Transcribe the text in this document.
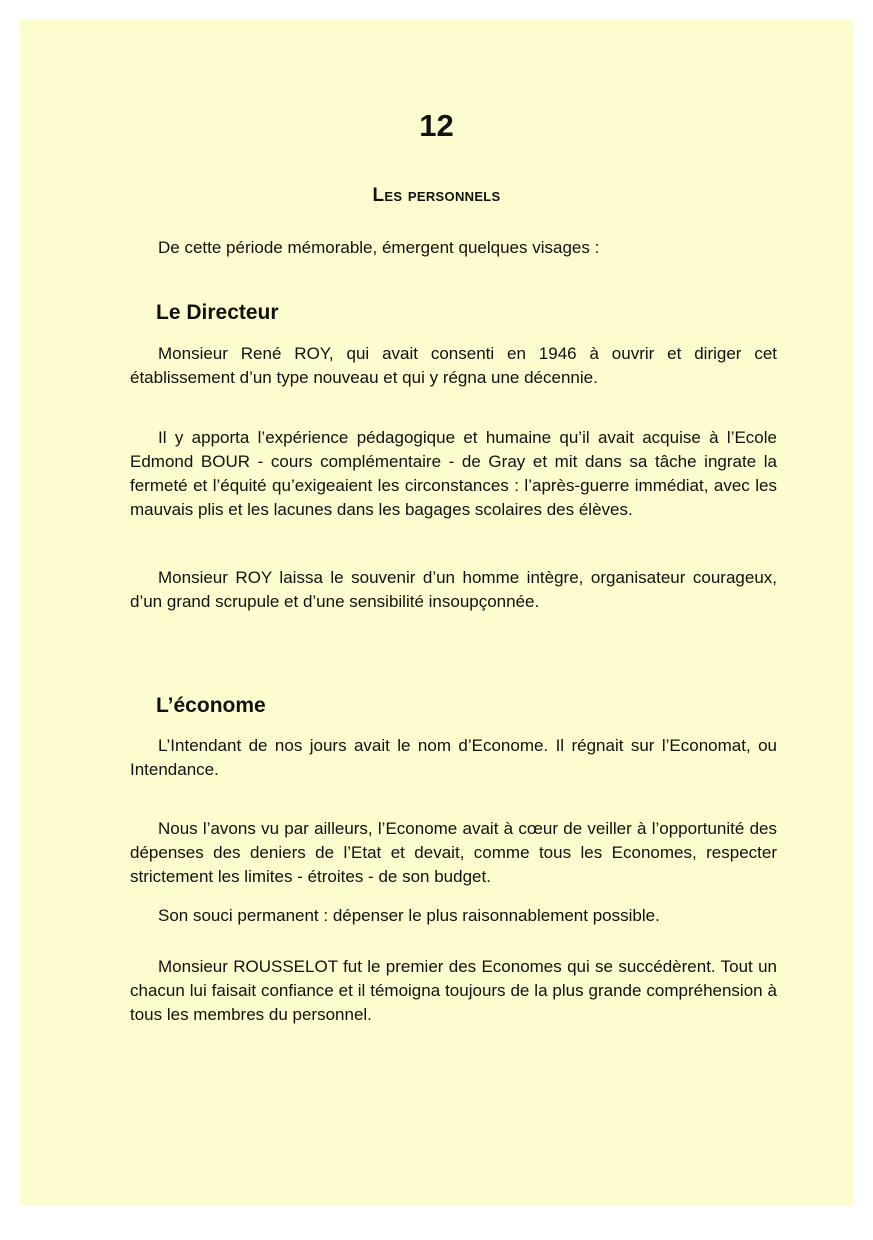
12
Les personnels

De cette période mémorable, émergent quelques visages :

Le Directeur

Monsieur René ROY, qui avait consenti en 1946 à ouvrir et diriger cet établissement d’un type nouveau et qui y régna une décennie.

Il y apporta l’expérience pédagogique et humaine qu’il avait acquise à l’Ecole Edmond BOUR - cours complémentaire - de Gray et mit dans sa tâche ingrate la fermeté et l’équité qu’exigeaient les circonstances : l’après-guerre immédiat, avec les mauvais plis et les lacunes dans les bagages scolaires des élèves.

Monsieur ROY laissa le souvenir d’un homme intègre, organisateur courageux, d’un grand scrupule et d’une sensibilité insoupçonnée.

L’économe

L’Intendant de nos jours avait le nom d’Econome. Il régnait sur l’Economat, ou Intendance.

Nous l’avons vu par ailleurs, l’Econome avait à cœur de veiller à l’opportunité des dépenses des deniers de l’Etat et devait, comme tous les Economes, respecter strictement les limites - étroites - de son budget.

Son souci permanent : dépenser le plus raisonnablement possible.

Monsieur ROUSSELOT fut le premier des Economes qui se succédèrent. Tout un chacun lui faisait confiance et il témoigna toujours de la plus grande compréhension à tous les membres du personnel.
